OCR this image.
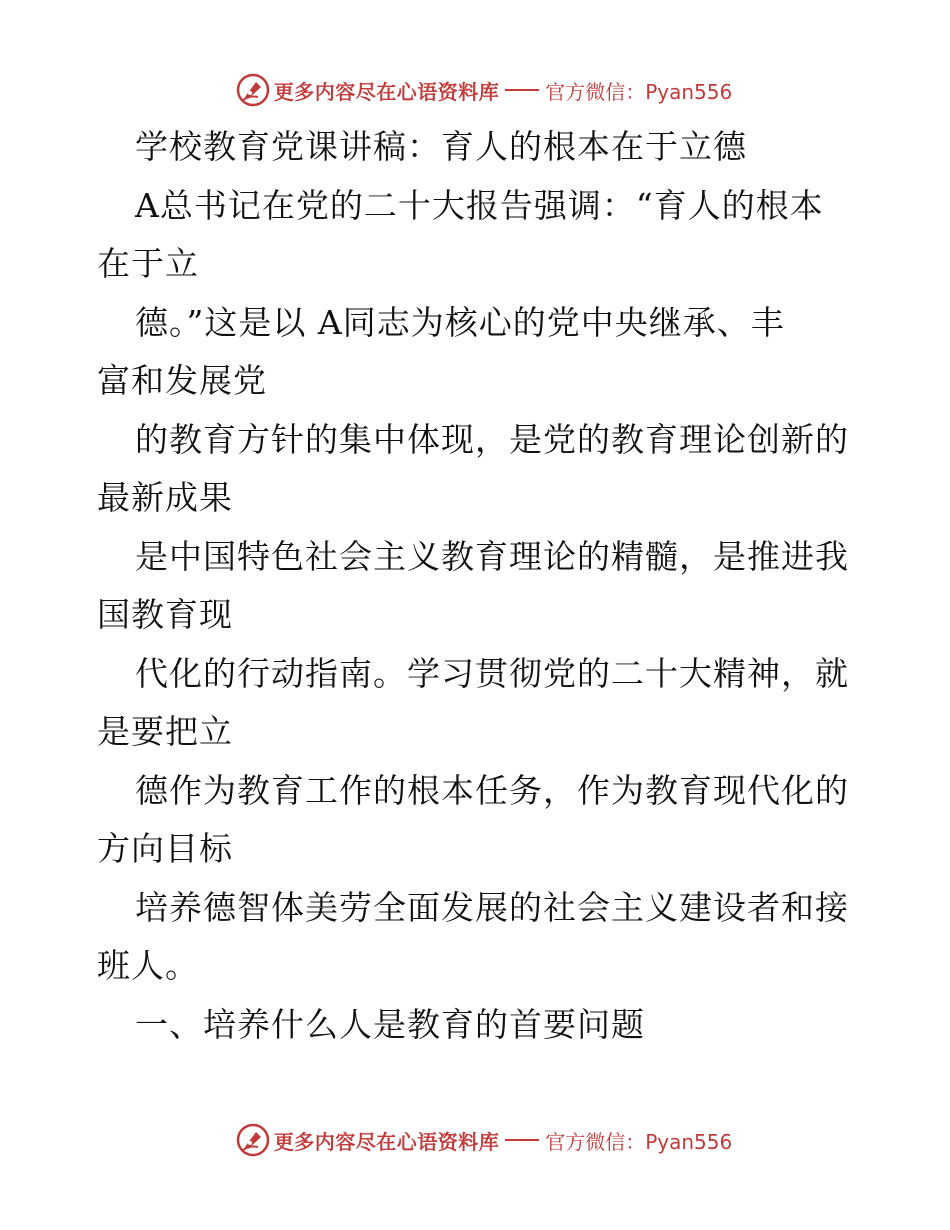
更多内容尽在心语资料库 官方微信：Pyan556
学校教育党课讲稿：育人的根本在于立德
A总书记在党的二十大报告强调：“育人的根本
在于立
德。”这是以 A同志为核心的党中央继承、丰
富和发展党
的教育方针的集中体现，是党的教育理论创新的
最新成果
是中国特色社会主义教育理论的精髓，是推进我
国教育现
代化的行动指南。学习贯彻党的二十大精神，就
是要把立
德作为教育工作的根本任务，作为教育现代化的
方向目标
培养德智体美劳全面发展的社会主义建设者和接
班人。
一、培养什么人是教育的首要问题
更多内容尽在心语资料库 官方微信：Pyan556
